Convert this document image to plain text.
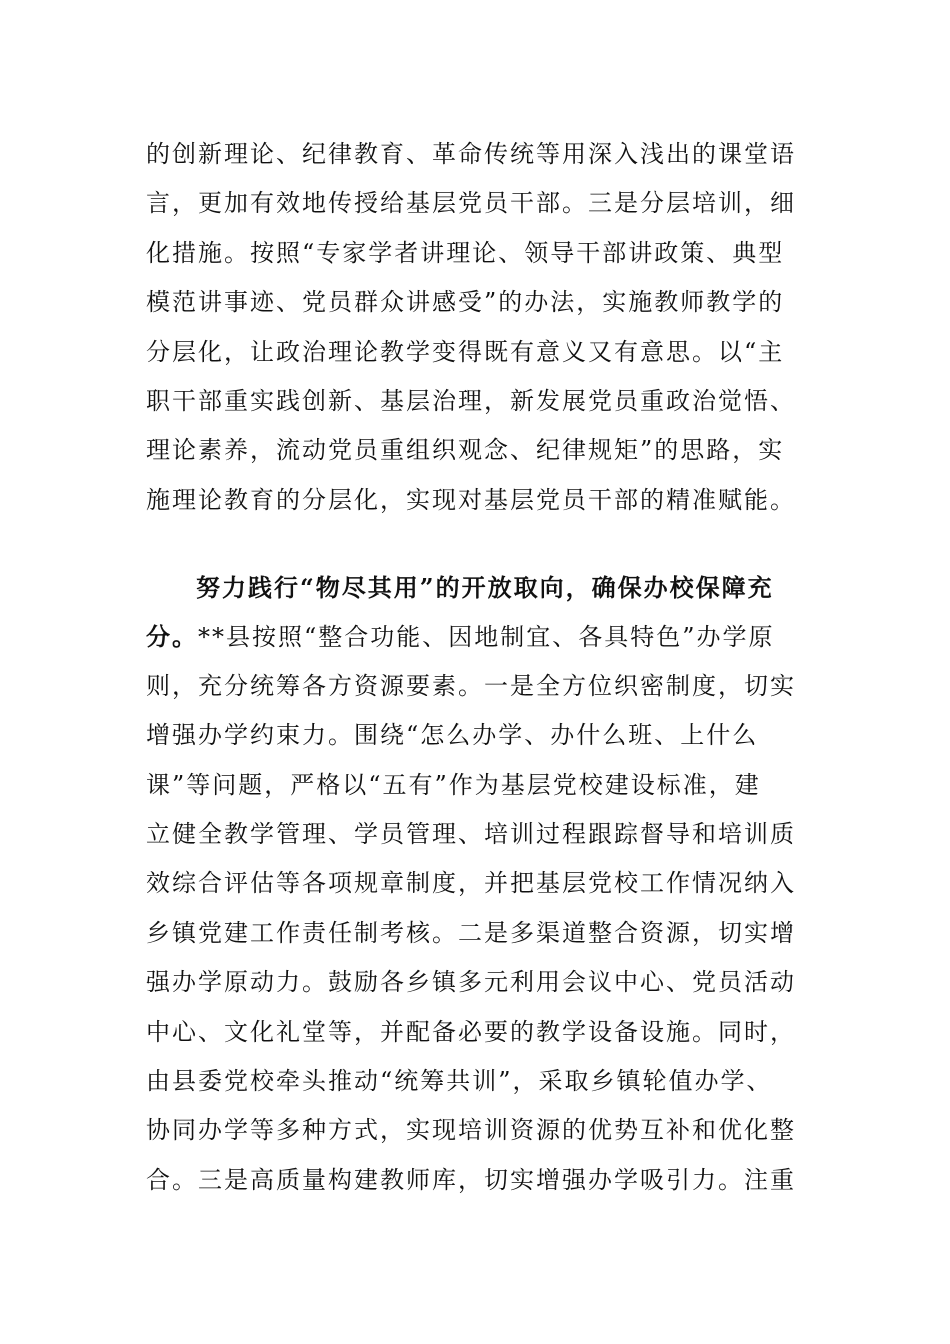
的创新理论、纪律教育、革命传统等用深入浅出的课堂语
言，更加有效地传授给基层党员干部。三是分层培训，细
化措施。按照“专家学者讲理论、领导干部讲政策、典型
模范讲事迹、党员群众讲感受”的办法，实施教师教学的
分层化，让政治理论教学变得既有意义又有意思。以“主
职干部重实践创新、基层治理，新发展党员重政治觉悟、
理论素养，流动党员重组织观念、纪律规矩”的思路，实
施理论教育的分层化，实现对基层党员干部的精准赋能。
努力践行“物尽其用”的开放取向，确保办校保障充
分。**县按照“整合功能、因地制宜、各具特色”办学原
则，充分统筹各方资源要素。一是全方位织密制度，切实
增强办学约束力。围绕“怎么办学、办什么班、上什么
课”等问题，严格以“五有”作为基层党校建设标准，建
立健全教学管理、学员管理、培训过程跟踪督导和培训质
效综合评估等各项规章制度，并把基层党校工作情况纳入
乡镇党建工作责任制考核。二是多渠道整合资源，切实增
强办学原动力。鼓励各乡镇多元利用会议中心、党员活动
中心、文化礼堂等，并配备必要的教学设备设施。同时，
由县委党校牵头推动“统筹共训”，采取乡镇轮值办学、
协同办学等多种方式，实现培训资源的优势互补和优化整
合。三是高质量构建教师库，切实增强办学吸引力。注重
